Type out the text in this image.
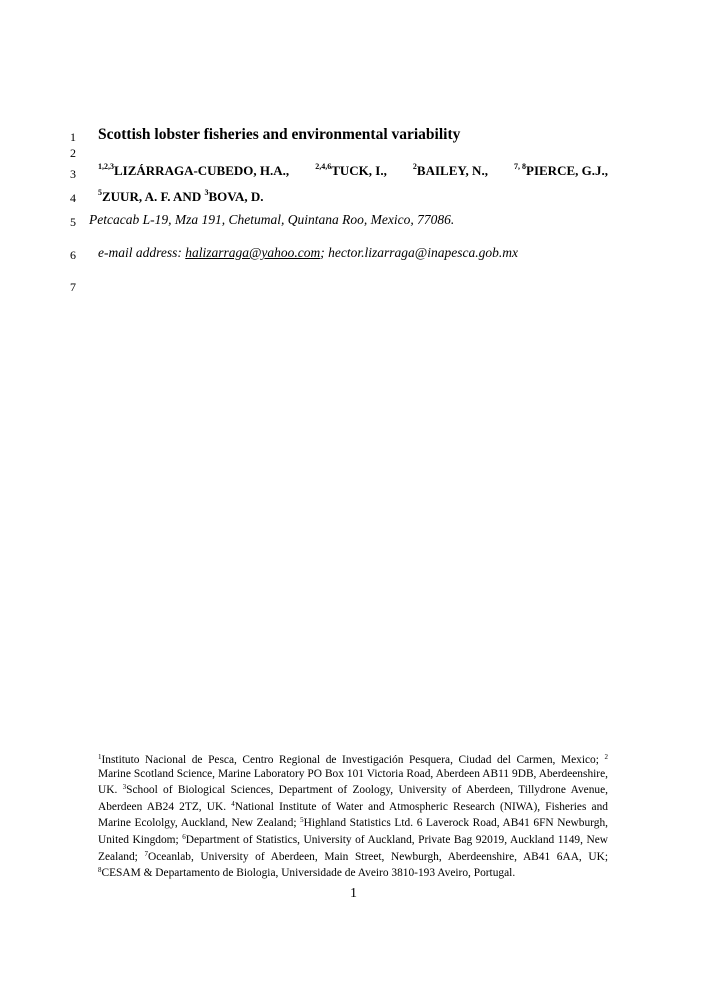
1
2
3
4
5
6
7
Scottish lobster fisheries and environmental variability
$^{1,2,3}$LIZÁRRAGA-CUBEDO, H.A.,	$^{2,4,6}$TUCK, I.,	$^2$BAILEY, N.,	$^{7, 8}$PIERCE, G.J.,
$^5$ZUUR, A. F. AND $^3$BOVA, D.
Petcacab L-19, Mza 191, Chetumal, Quintana Roo, Mexico, 77086.
e-mail address: halizarraga@yahoo.com; hector.lizarraga@inapesca.gob.mx
$^1$Instituto Nacional de Pesca, Centro Regional de Investigación Pesquera, Ciudad del Carmen, Mexico; $^2$ Marine Scotland Science, Marine Laboratory PO Box 101 Victoria Road, Aberdeen AB11 9DB, Aberdeenshire, UK. $^3$School of Biological Sciences, Department of Zoology, University of Aberdeen, Tillydrone Avenue, Aberdeen AB24 2TZ, UK. $^4$National Institute of Water and Atmospheric Research (NIWA), Fisheries and Marine Ecololgy, Auckland, New Zealand; $^5$Highland Statistics Ltd. 6 Laverock Road, AB41 6FN Newburgh, United Kingdom; $^6$Department of Statistics, University of Auckland, Private Bag 92019, Auckland 1149, New Zealand; $^7$Oceanlab, University of Aberdeen, Main Street, Newburgh, Aberdeenshire, AB41 6AA, UK; $^8$CESAM & Departamento de Biologia, Universidade de Aveiro 3810-193 Aveiro, Portugal.
1
